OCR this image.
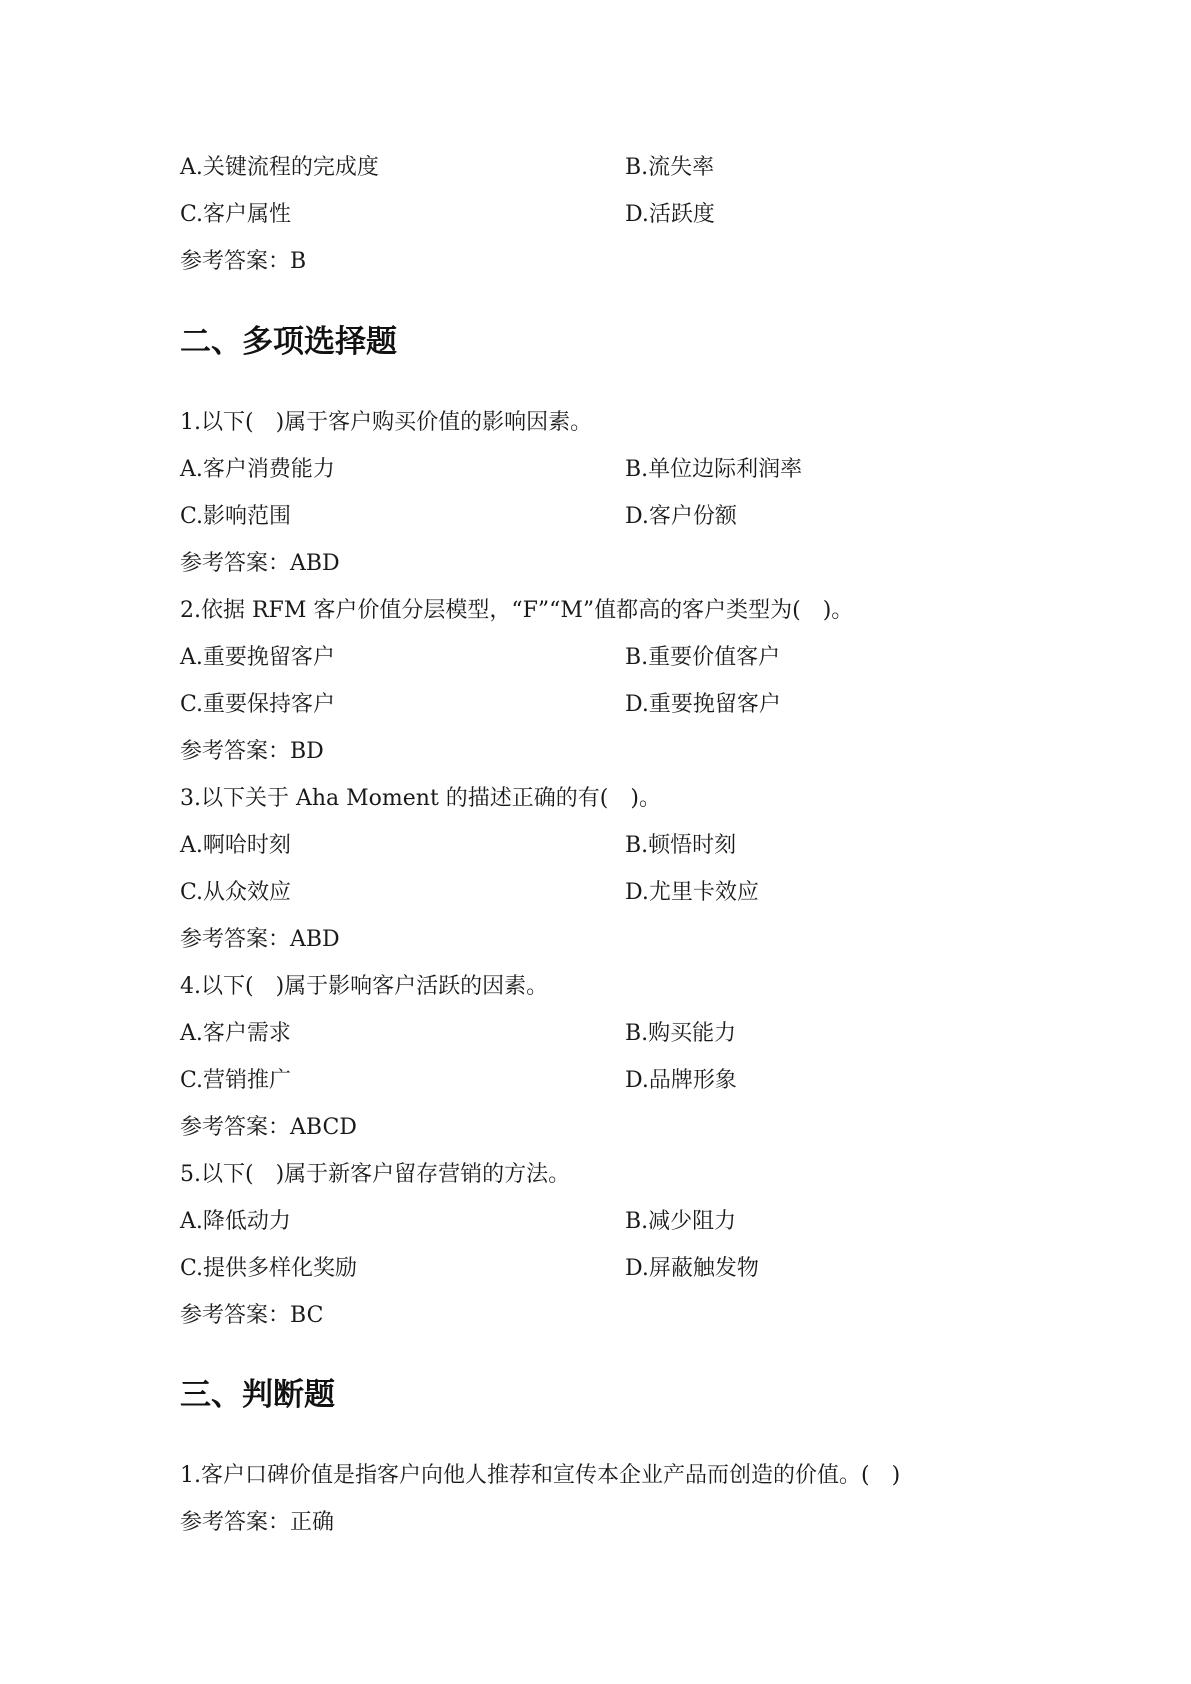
A.关键流程的完成度	B.流失率
C.客户属性	D.活跃度
参考答案：B
二、多项选择题
1.以下(　)属于客户购买价值的影响因素。
A.客户消费能力	B.单位边际利润率
C.影响范围	D.客户份额
参考答案：ABD
2.依据 RFM 客户价值分层模型，“F”“M”值都高的客户类型为(　)。
A.重要挽留客户	B.重要价值客户
C.重要保持客户	D.重要挽留客户
参考答案：BD
3.以下关于 Aha Moment 的描述正确的有(　)。
A.啊哈时刻	B.顿悟时刻
C.从众效应	D.尤里卡效应
参考答案：ABD
4.以下(　)属于影响客户活跃的因素。
A.客户需求	B.购买能力
C.营销推广	D.品牌形象
参考答案：ABCD
5.以下(　)属于新客户留存营销的方法。
A.降低动力	B.减少阻力
C.提供多样化奖励	D.屏蔽触发物
参考答案：BC
三、判断题
1.客户口碑价值是指客户向他人推荐和宣传本企业产品而创造的价值。(　)
参考答案：正确
